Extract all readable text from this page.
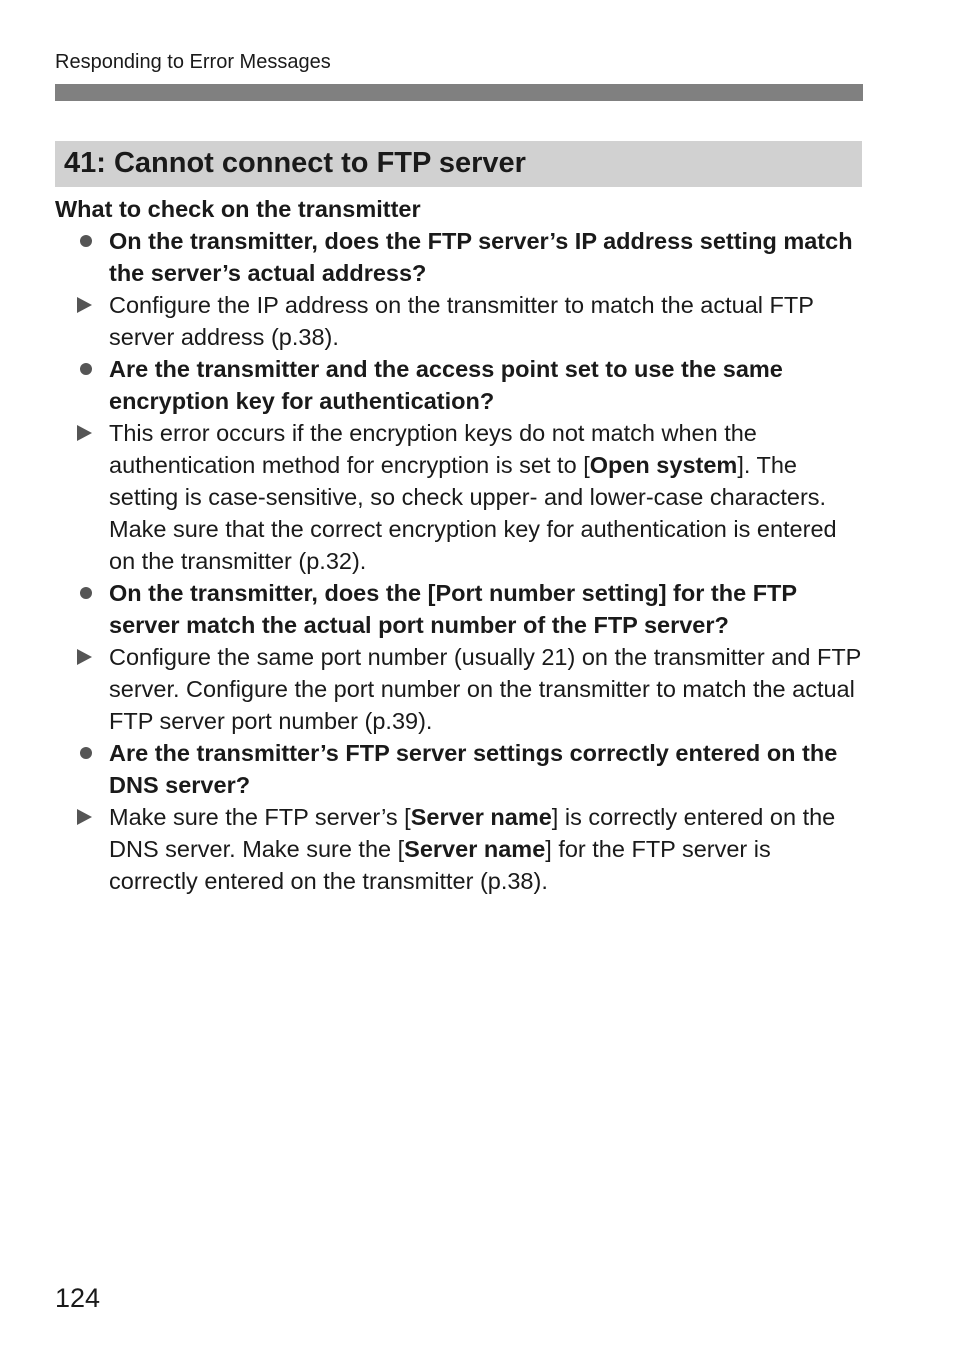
Responding to Error Messages
41: Cannot connect to FTP server

What to check on the transmitter

On the transmitter, does the FTP server’s IP address setting match the server’s actual address?

Configure the IP address on the transmitter to match the actual FTP server address (p.38).

Are the transmitter and the access point set to use the same encryption key for authentication?

This error occurs if the encryption keys do not match when the authentication method for encryption is set to [Open system]. The setting is case-sensitive, so check upper- and lower-case characters. Make sure that the correct encryption key for authentication is entered on the transmitter (p.32).

On the transmitter, does the [Port number setting] for the FTP server match the actual port number of the FTP server?

Configure the same port number (usually 21) on the transmitter and FTP server. Configure the port number on the transmitter to match the actual FTP server port number (p.39).

Are the transmitter’s FTP server settings correctly entered on the DNS server?

Make sure the FTP server’s [Server name] is correctly entered on the DNS server. Make sure the [Server name] for the FTP server is correctly entered on the transmitter (p.38).

124
